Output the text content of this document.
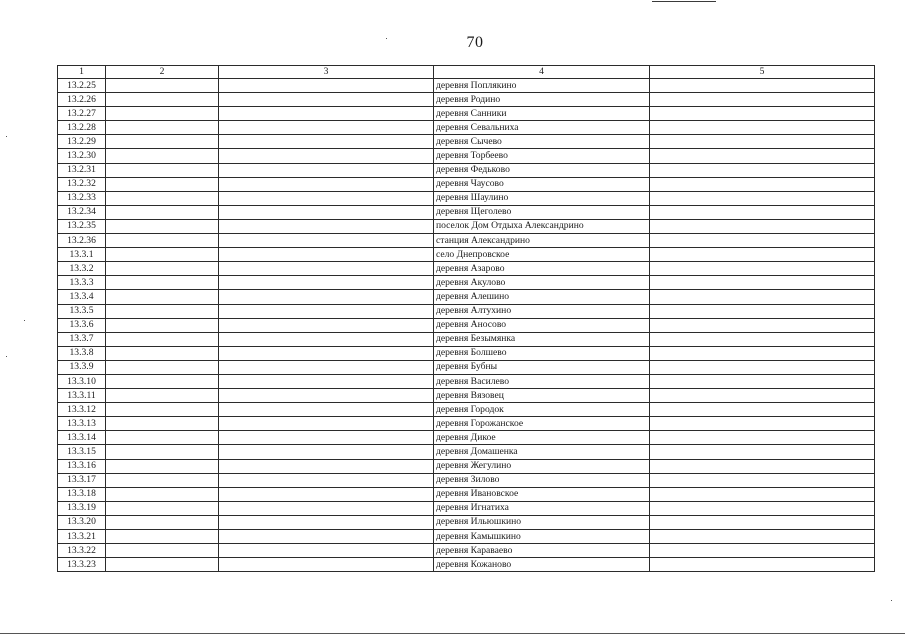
70
1	2	3	4	5
13.2.25			деревня Поплякино	
13.2.26			деревня Родино	
13.2.27			деревня Санники	
13.2.28			деревня Севальниха	
13.2.29			деревня Сычево	
13.2.30			деревня Торбеево	
13.2.31			деревня Федьково	
13.2.32			деревня Чаусово	
13.2.33			деревня Шаулино	
13.2.34			деревня Щеголево	
13.2.35			поселок Дом Отдыха Александрино	
13.2.36			станция Александрино	
13.3.1			село Днепровское	
13.3.2			деревня Азарово	
13.3.3			деревня Акулово	
13.3.4			деревня Алешино	
13.3.5			деревня Алтухино	
13.3.6			деревня Аносово	
13.3.7			деревня Безымянка	
13.3.8			деревня Болшево	
13.3.9			деревня Бубны	
13.3.10			деревня Василево	
13.3.11			деревня Вязовец	
13.3.12			деревня Городок	
13.3.13			деревня Горожанское	
13.3.14			деревня Дикое	
13.3.15			деревня Домашенка	
13.3.16			деревня Жегулино	
13.3.17			деревня Зилово	
13.3.18			деревня Ивановское	
13.3.19			деревня Игнатиха	
13.3.20			деревня Ильюшкино	
13.3.21			деревня Камышкино	
13.3.22			деревня Караваево	
13.3.23			деревня Кожаново	
